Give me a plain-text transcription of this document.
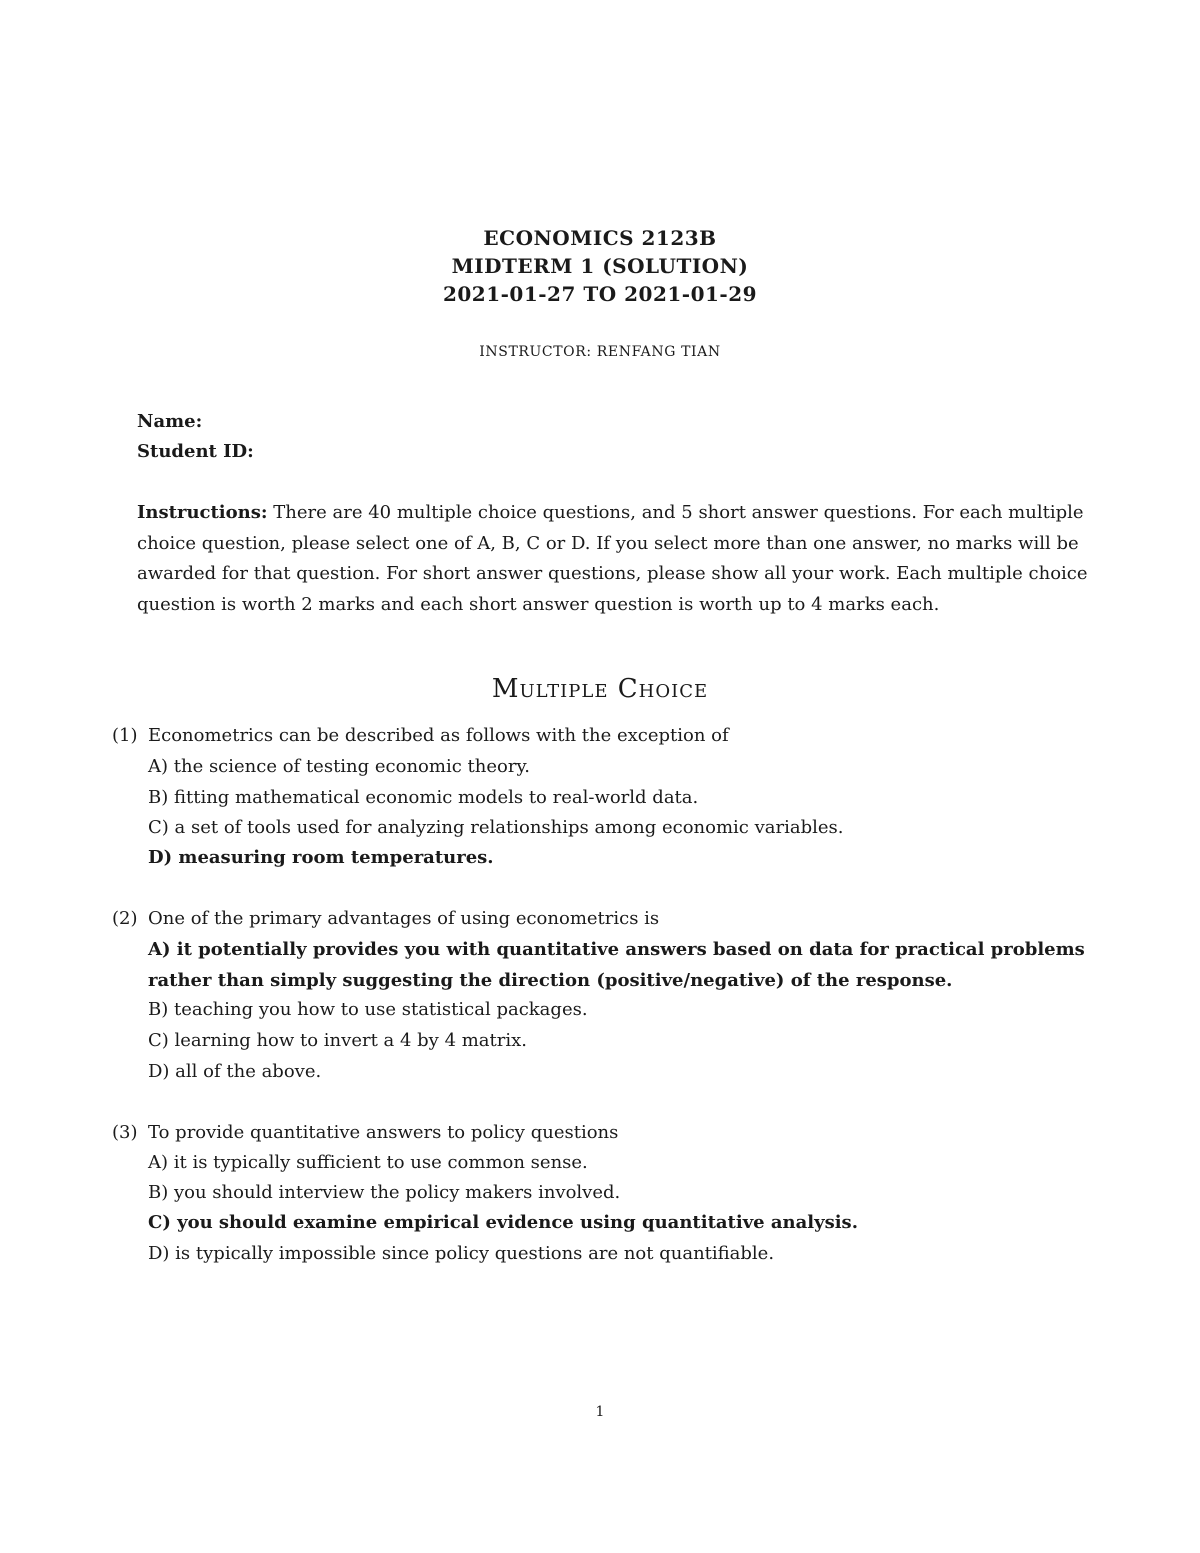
ECONOMICS 2123B
MIDTERM 1 (SOLUTION)
2021-01-27 TO 2021-01-29
INSTRUCTOR: RENFANG TIAN
Name:
Student ID:
Instructions: There are 40 multiple choice questions, and 5 short answer questions. For each multiple choice question, please select one of A, B, C or D. If you select more than one answer, no marks will be awarded for that question. For short answer questions, please show all your work. Each multiple choice question is worth 2 marks and each short answer question is worth up to 4 marks each.
Multiple Choice
(1) Econometrics can be described as follows with the exception of
A) the science of testing economic theory.
B) fitting mathematical economic models to real-world data.
C) a set of tools used for analyzing relationships among economic variables.
D) measuring room temperatures.
(2) One of the primary advantages of using econometrics is
A) it potentially provides you with quantitative answers based on data for practical problems rather than simply suggesting the direction (positive/negative) of the response.
B) teaching you how to use statistical packages.
C) learning how to invert a 4 by 4 matrix.
D) all of the above.
(3) To provide quantitative answers to policy questions
A) it is typically sufficient to use common sense.
B) you should interview the policy makers involved.
C) you should examine empirical evidence using quantitative analysis.
D) is typically impossible since policy questions are not quantifiable.
1
